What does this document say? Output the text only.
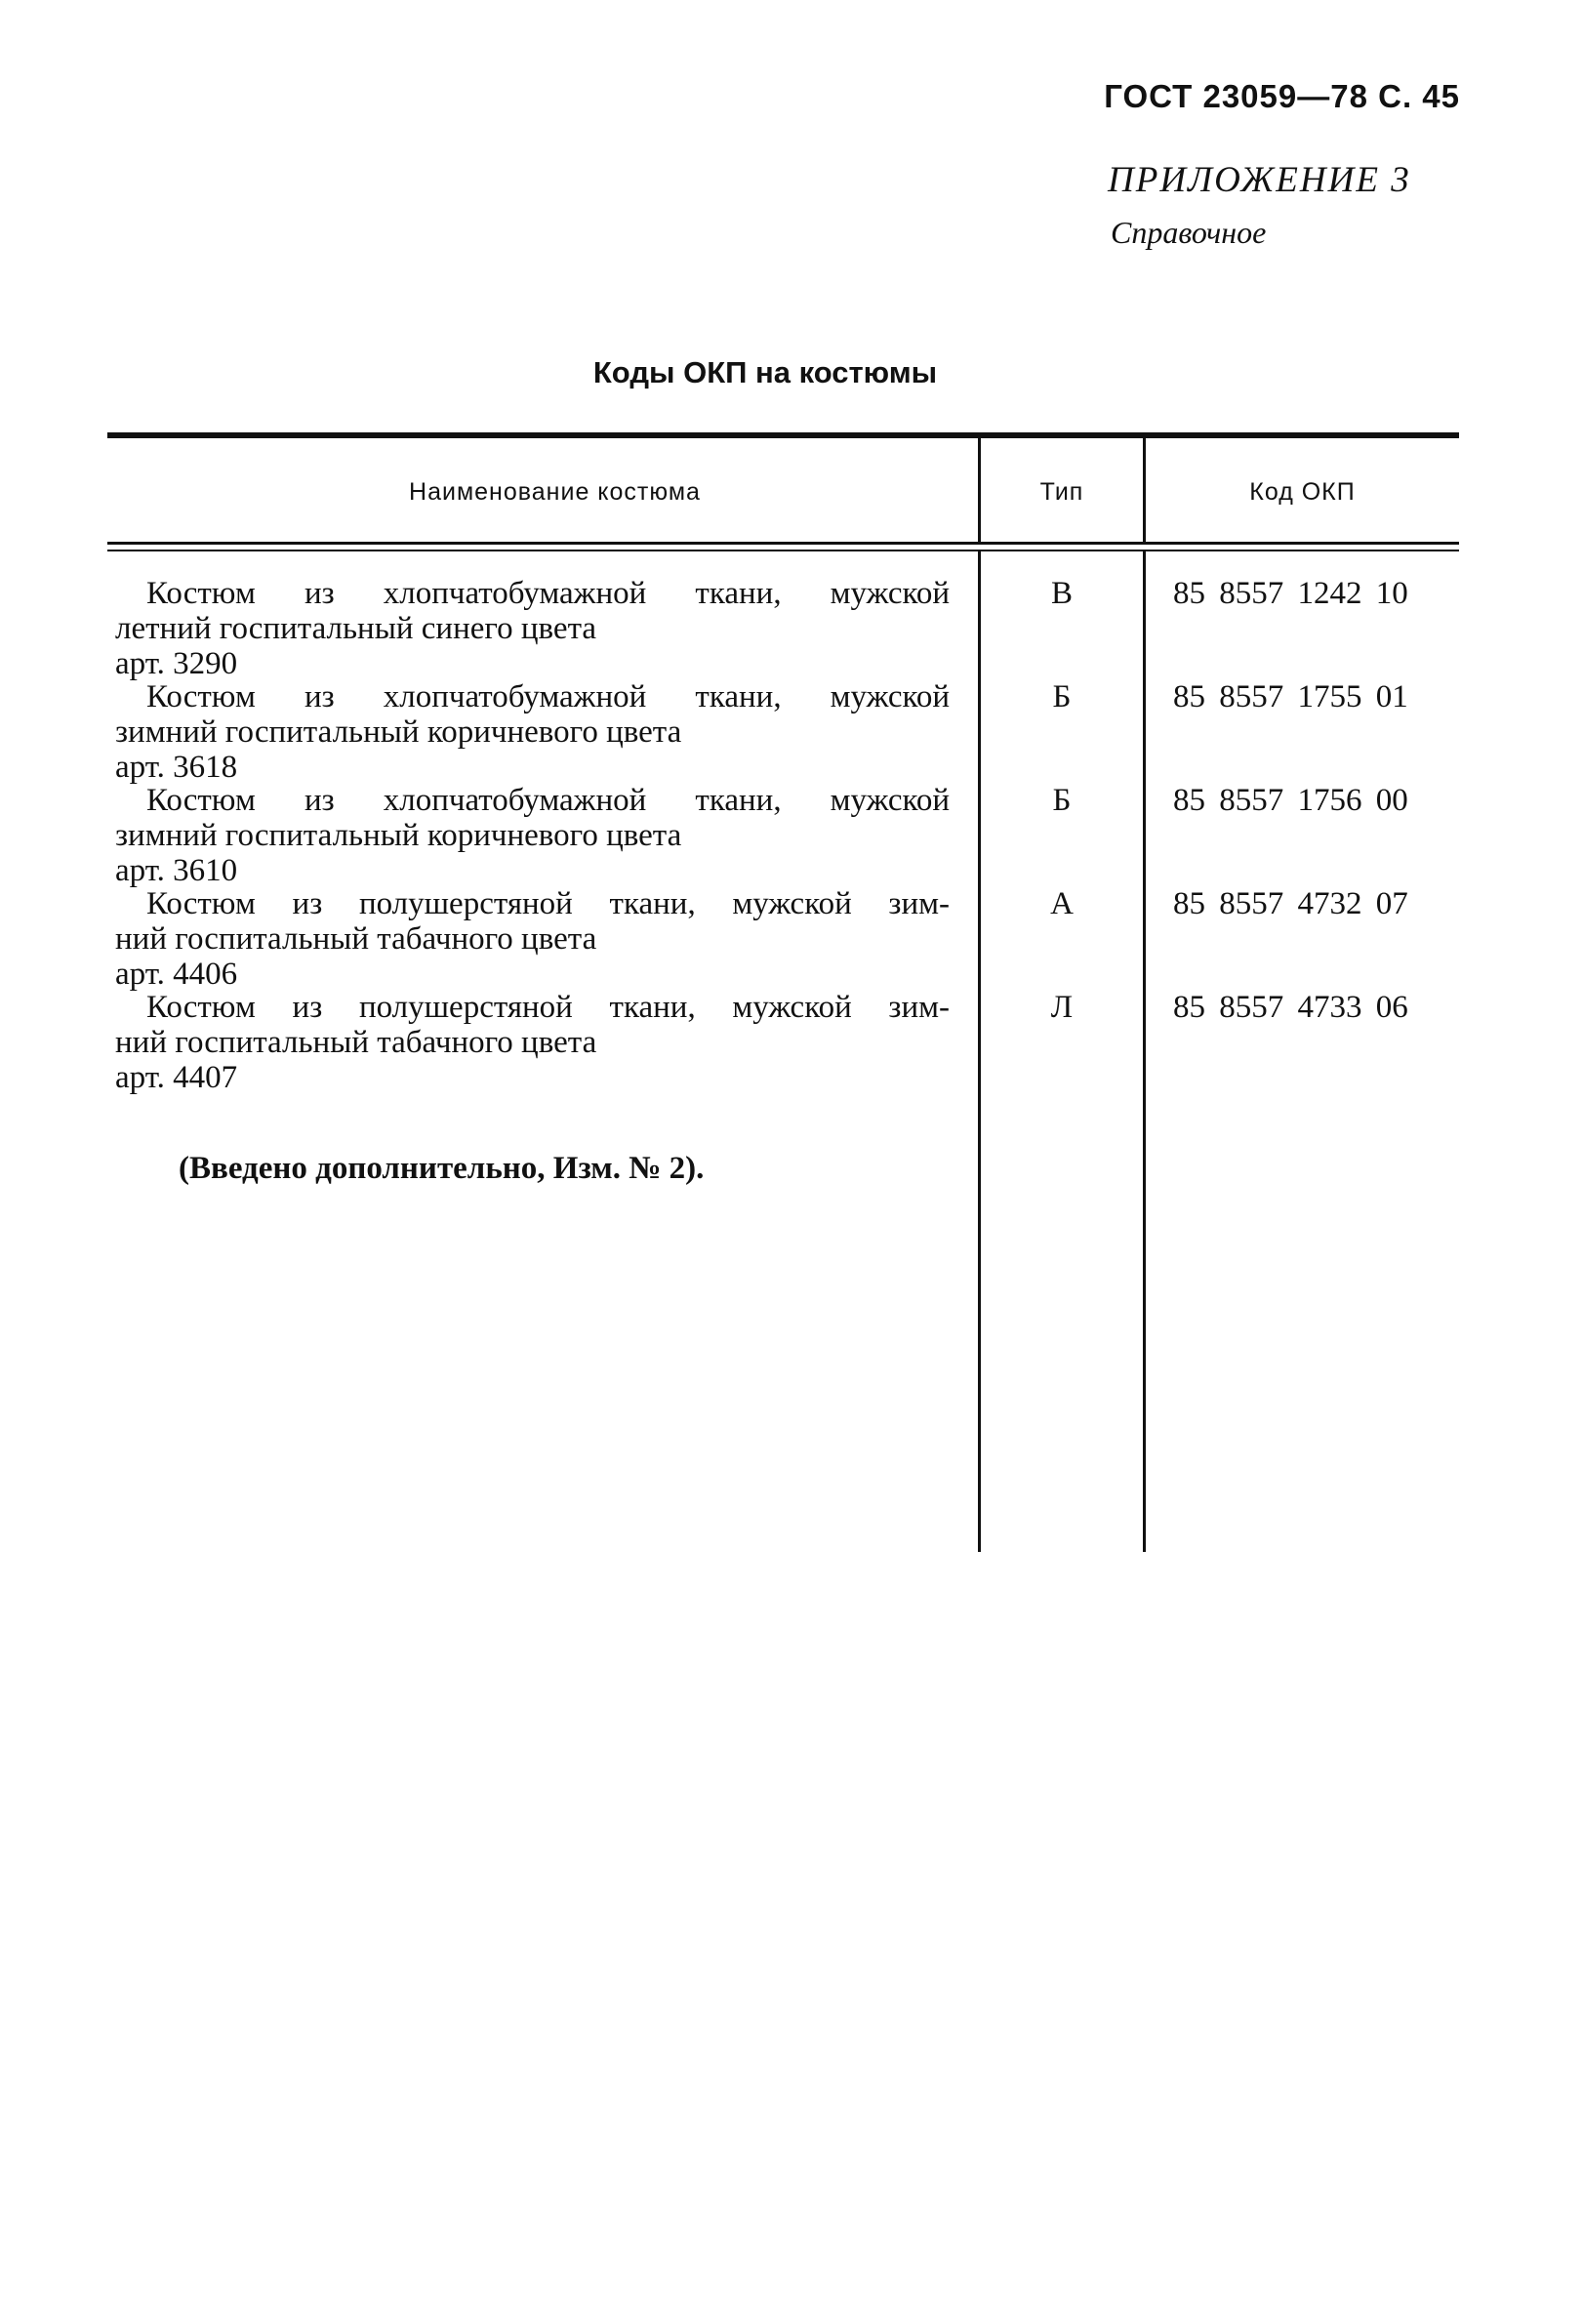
ГОСТ 23059—78 С. 45
ПРИЛОЖЕНИЕ 3
Справочное
Коды ОКП на костюмы
Наименование костюма	Тип	Код ОКП
Костюм из хлопчатобумажной ткани, мужской
летний госпитальный синего цвета
арт. 3290
В	85 8557 1242 10
Костюм из хлопчатобумажной ткани, мужской
зимний госпитальный коричневого цвета
арт. 3618
Б	85 8557 1755 01
Костюм из хлопчатобумажной ткани, мужской
зимний госпитальный коричневого цвета
арт. 3610
Б	85 8557 1756 00
Костюм из полушерстяной ткани, мужской зим-
ний госпитальный табачного цвета
арт. 4406
А	85 8557 4732 07
Костюм из полушерстяной ткани, мужской зим-
ний госпитальный табачного цвета
арт. 4407
Л	85 8557 4733 06
(Введено дополнительно, Изм. № 2).
